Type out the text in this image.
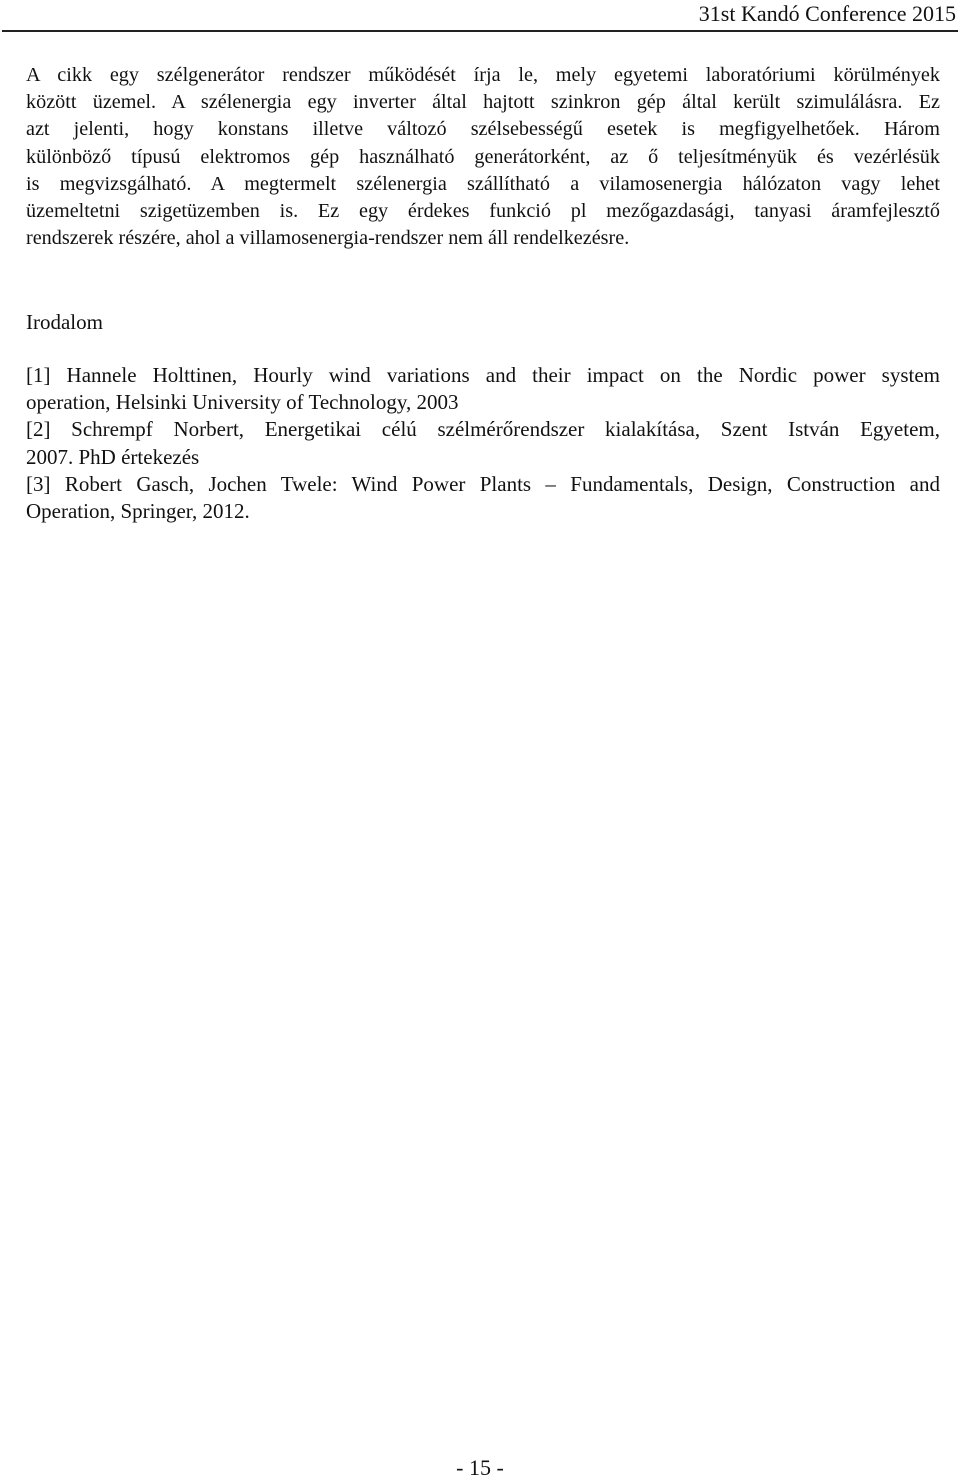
31st Kandó Conference 2015
A cikk egy szélgenerátor rendszer működését írja le, mely egyetemi laboratóriumi körülmények
között üzemel. A szélenergia egy inverter által hajtott szinkron gép által került szimulálásra. Ez
azt jelenti, hogy konstans illetve változó szélsebességű esetek is megfigyelhetőek. Három
különböző típusú elektromos gép használható generátorként, az ő teljesítményük és vezérlésük
is megvizsgálható. A megtermelt szélenergia szállítható a vilamosenergia hálózaton vagy lehet
üzemeltetni szigetüzemben is. Ez egy érdekes funkció pl mezőgazdasági, tanyasi áramfejlesztő
rendszerek részére, ahol a villamosenergia-rendszer nem áll rendelkezésre.
Irodalom
[1] Hannele Holttinen, Hourly wind variations and their impact on the Nordic power system
operation, Helsinki University of Technology, 2003
[2] Schrempf Norbert, Energetikai célú szélmérőrendszer kialakítása, Szent István Egyetem,
2007. PhD értekezés
[3] Robert Gasch, Jochen Twele: Wind Power Plants – Fundamentals, Design, Construction and
Operation, Springer, 2012.
- 15 -
